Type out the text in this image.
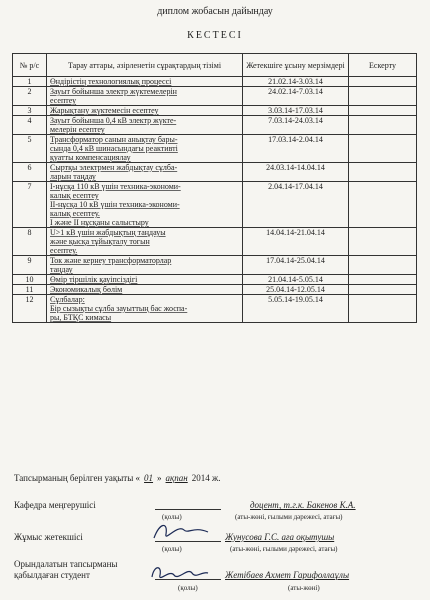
диплом жобасын дайындау
КЕСТЕСІ
№ р/с	Тарау аттары, әзірленетін сұрақтардың тізімі	Жетекшіге ұсыну мерзімдері	Ескерту
1	Өндірістің технологиялық процессі	21.02.14-3.03.14	
2	Зауыт бойынша электр жүктемелерін
есептеу	24.02.14-7.03.14	
3	Жарықтану жүктемесін есептеу	3.03.14-17.03.14	
4	Зауыт бойынша 0,4 кВ электр жүкте-
мелерін есептеу	7.03.14-24.03.14	
5	Трансформатор санын анықтау бары-
сында 0,4 кВ шинасындағы реактивті
қуатты компенсациялау	17.03.14-2.04.14	
6	Сыртқы электрмен жабдықтау сұлба-
ларын таңдау	24.03.14-14.04.14	
7	І-нұсқа 110 кВ үшін техника-экономи-
калық есептеу
ІІ-нұсқа 10 кВ үшін техника-экономи-
калық есептеу.
І және ІІ нұсқаны салыстыру	2.04.14-17.04.14	
8	U>1 кВ үшін жабдықтың таңдауы
және қысқа тұйықталу тогын
есептеу.	14.04.14-21.04.14	
9	Ток және кернеу трансформаторлар
таңдау	17.04.14-25.04.14	
10	Өмір тіршілік қауіпсіздігі	21.04.14-5.05.14	
11	Экономикалық бөлім	25.04.14-12.05.14	
12	Сұлбалар:
Бір сызықты сұлба зауыттың бас жоспа-
ры, БТҚС кимасы	5.05.14-19.05.14	
Тапсырманың берілген уақыты « 01 » ақпан 2014 ж.
Кафедра меңгерушісі	доцент, т.г.к. Бакенов К.А.
(қолы)	(аты-жөні, ғылыми дәрежесі, атағы)
Жұмыс жетекшісі	Жунусова Г.С. аға оқытушы
(қолы)	(аты-жөні, ғылыми дәрежесі, атағы)
Орындалатын тапсырманы
қабылдаған студент	Жетібаев Ахмет Гарифоллаұлы
(қолы)	(аты-жөні)
